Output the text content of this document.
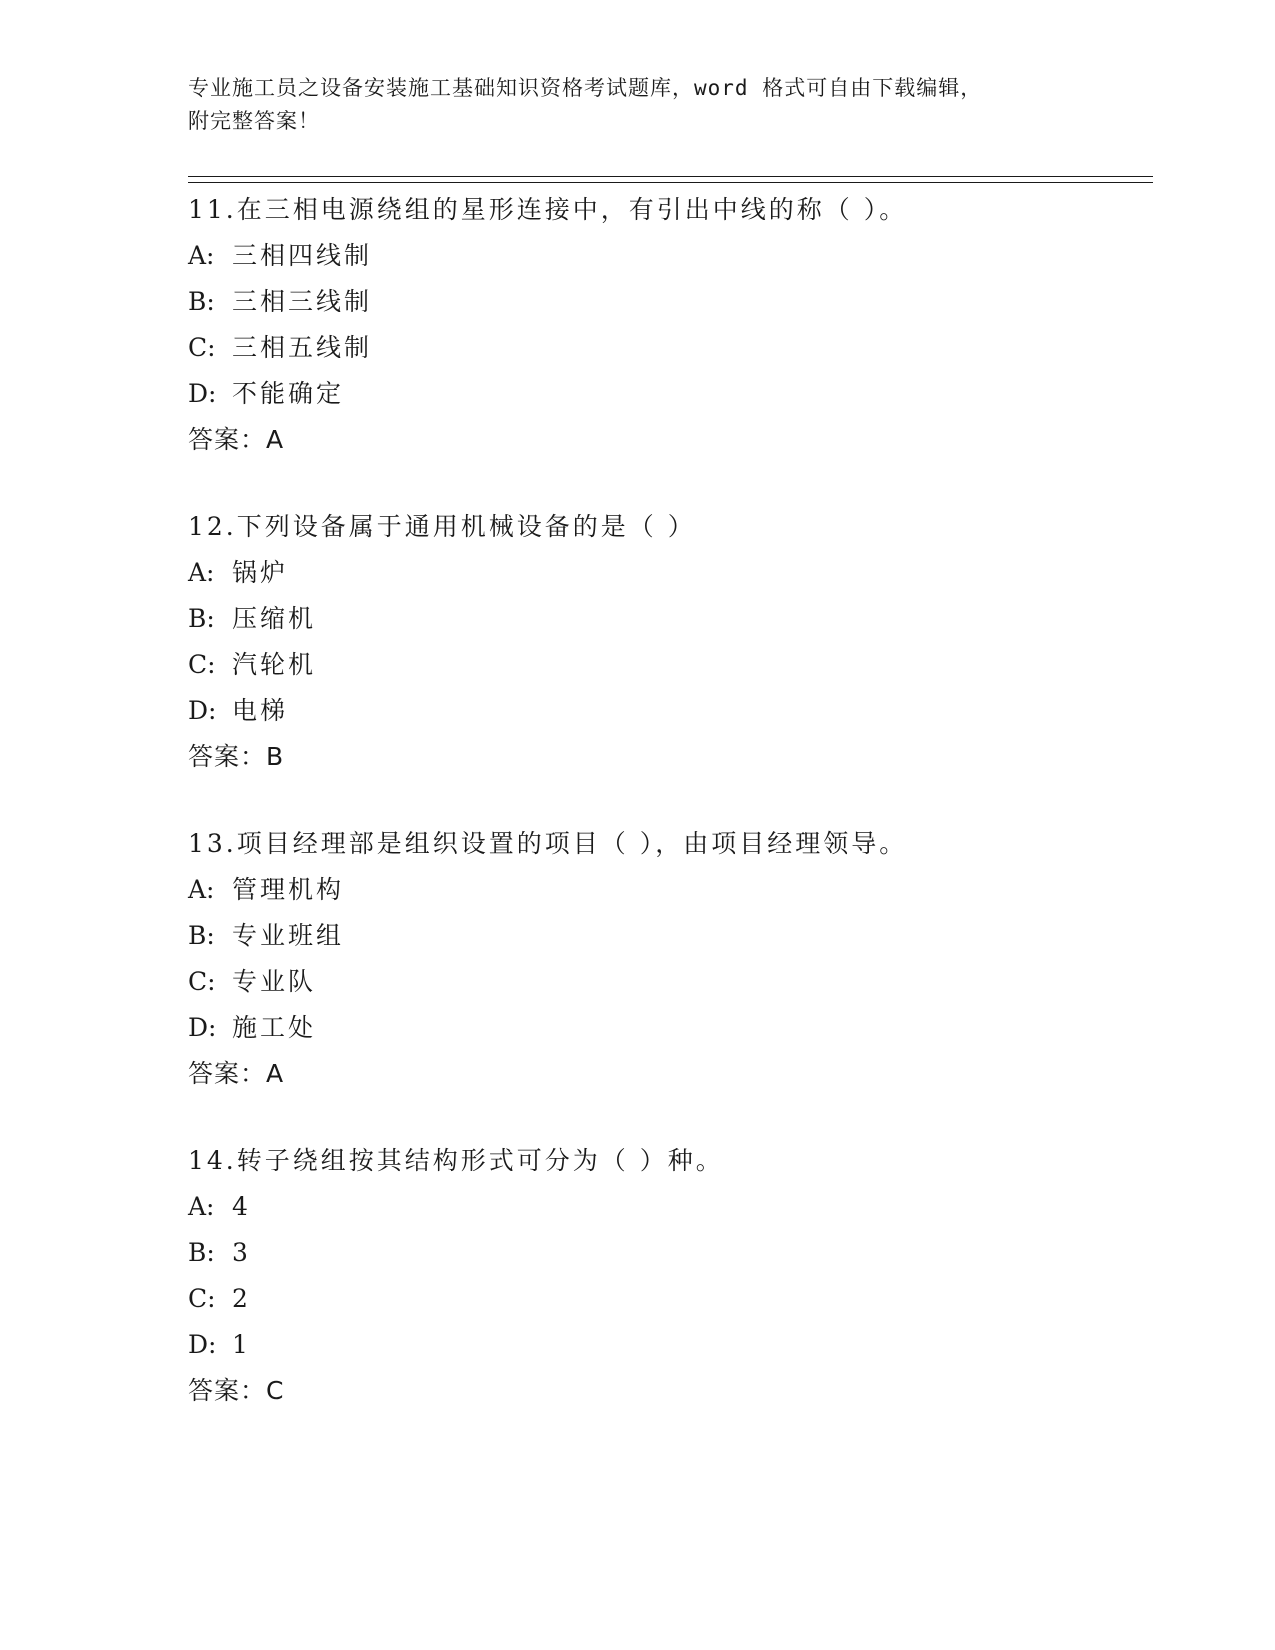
专业施工员之设备安装施工基础知识资格考试题库，word 格式可自由下载编辑，
附完整答案！
11.在三相电源绕组的星形连接中，有引出中线的称（ ）。
A: 三相四线制
B: 三相三线制
C: 三相五线制
D: 不能确定
答案：A
12.下列设备属于通用机械设备的是（ ）
A: 锅炉
B: 压缩机
C: 汽轮机
D: 电梯
答案：B
13.项目经理部是组织设置的项目（ ），由项目经理领导。
A: 管理机构
B: 专业班组
C: 专业队
D: 施工处
答案：A
14.转子绕组按其结构形式可分为（ ）种。
A: 4
B: 3
C: 2
D: 1
答案：C
